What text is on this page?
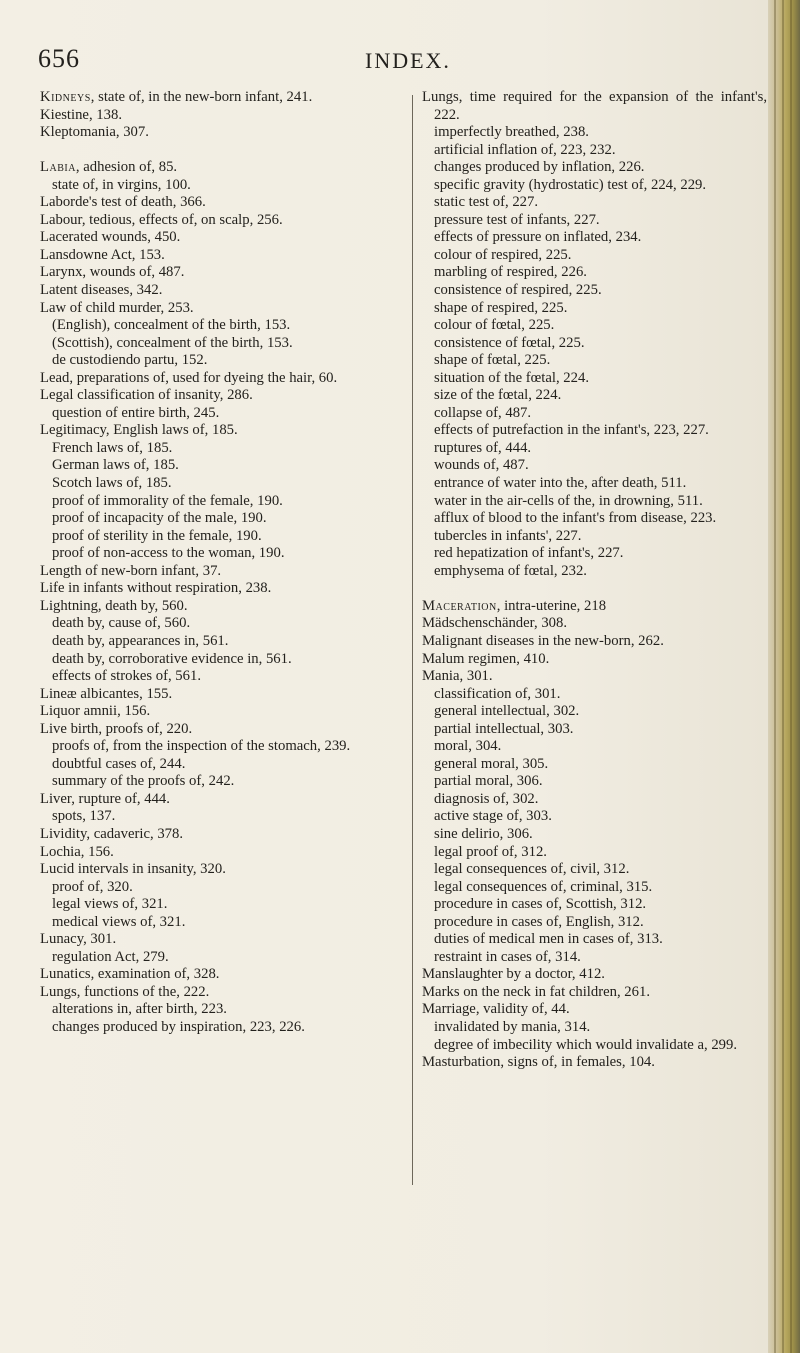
656	INDEX.

Kidneys, state of, in the new-born infant, 241.

Kiestine, 138.

Kleptomania, 307.

Labia, adhesion of, 85.

state of, in virgins, 100.

Laborde's test of death, 366.

Labour, tedious, effects of, on scalp, 256.

Lacerated wounds, 450.

Lansdowne Act, 153.

Larynx, wounds of, 487.

Latent diseases, 342.

Law of child murder, 253.

(English), concealment of the birth, 153.

(Scottish), concealment of the birth, 153.

de custodiendo partu, 152.

Lead, preparations of, used for dyeing the hair, 60.

Legal classification of insanity, 286.

question of entire birth, 245.

Legitimacy, English laws of, 185.

French laws of, 185.

German laws of, 185.

Scotch laws of, 185.

proof of immorality of the female, 190.

proof of incapacity of the male, 190.

proof of sterility in the female, 190.

proof of non-access to the woman, 190.

Length of new-born infant, 37.

Life in infants without respiration, 238.

Lightning, death by, 560.

death by, cause of, 560.

death by, appearances in, 561.

death by, corroborative evidence in, 561.

effects of strokes of, 561.

Lineæ albicantes, 155.

Liquor amnii, 156.

Live birth, proofs of, 220.

proofs of, from the inspection of the stomach, 239.

doubtful cases of, 244.

summary of the proofs of, 242.

Liver, rupture of, 444.

spots, 137.

Lividity, cadaveric, 378.

Lochia, 156.

Lucid intervals in insanity, 320.

proof of, 320.

legal views of, 321.

medical views of, 321.

Lunacy, 301.

regulation Act, 279.

Lunatics, examination of, 328.

Lungs, functions of the, 222.

alterations in, after birth, 223.

changes produced by inspiration, 223, 226.

Lungs, time required for the expansion of the infant's, 222.

imperfectly breathed, 238.

artificial inflation of, 223, 232.

changes produced by inflation, 226.

specific gravity (hydrostatic) test of, 224, 229.

static test of, 227.

pressure test of infants, 227.

effects of pressure on inflated, 234.

colour of respired, 225.

marbling of respired, 226.

consistence of respired, 225.

shape of respired, 225.

colour of fœtal, 225.

consistence of fœtal, 225.

shape of fœtal, 225.

situation of the fœtal, 224.

size of the fœtal, 224.

collapse of, 487.

effects of putrefaction in the infant's, 223, 227.

ruptures of, 444.

wounds of, 487.

entrance of water into the, after death, 511.

water in the air-cells of the, in drowning, 511.

afflux of blood to the infant's from disease, 223.

tubercles in infants', 227.

red hepatization of infant's, 227.

emphysema of fœtal, 232.

Maceration, intra-uterine, 218

Mädschenschänder, 308.

Malignant diseases in the new-born, 262.

Malum regimen, 410.

Mania, 301.

classification of, 301.

general intellectual, 302.

partial intellectual, 303.

moral, 304.

general moral, 305.

partial moral, 306.

diagnosis of, 302.

active stage of, 303.

sine delirio, 306.

legal proof of, 312.

legal consequences of, civil, 312.

legal consequences of, criminal, 315.

procedure in cases of, Scottish, 312.

procedure in cases of, English, 312.

duties of medical men in cases of, 313.

restraint in cases of, 314.

Manslaughter by a doctor, 412.

Marks on the neck in fat children, 261.

Marriage, validity of, 44.

invalidated by mania, 314.

degree of imbecility which would invalidate a, 299.

Masturbation, signs of, in females, 104.
